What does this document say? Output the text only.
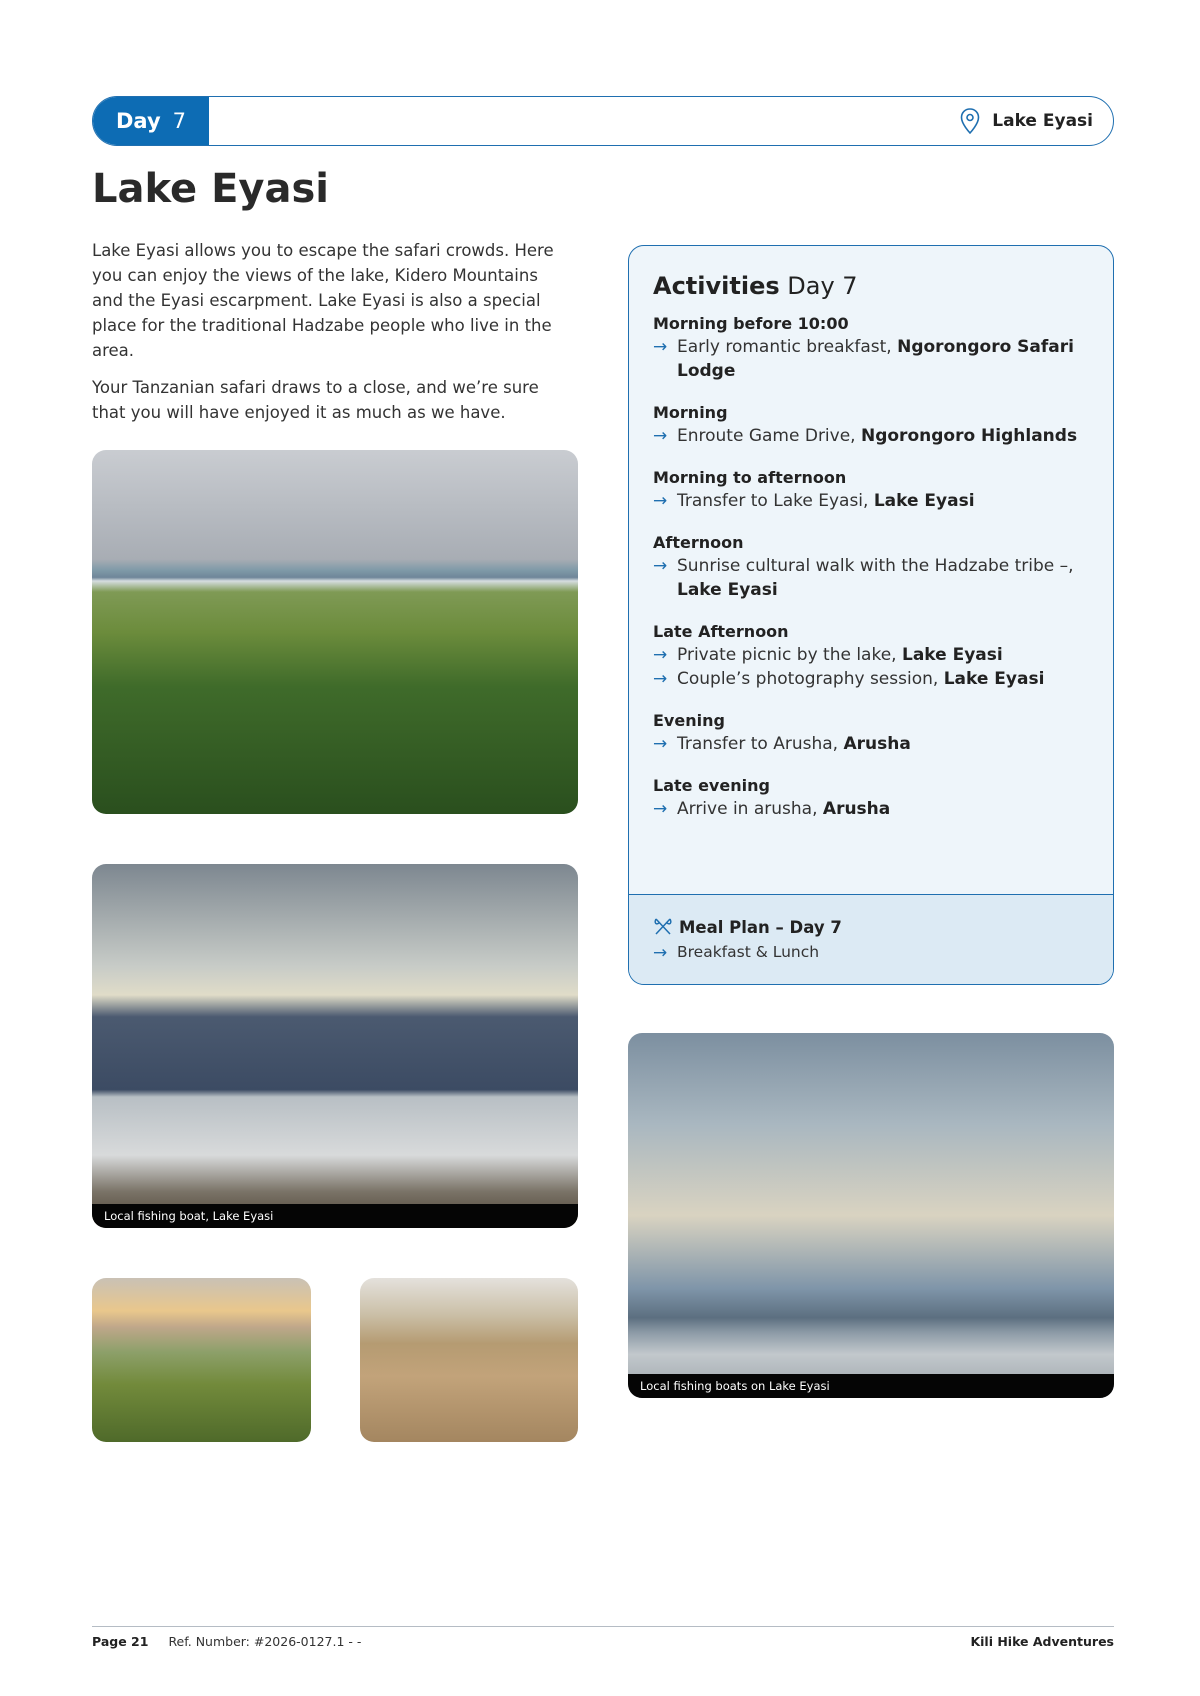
Day 7	Lake Eyasi
Lake Eyasi

Lake Eyasi allows you to escape the safari crowds. Here you can enjoy the views of the lake, Kidero Mountains and the Eyasi escarpment. Lake Eyasi is also a special place for the traditional Hadzabe people who live in the area.

Your Tanzanian safari draws to a close, and we’re sure that you will have enjoyed it as much as we have.

Local fishing boat, Lake Eyasi
Local fishing boats on Lake Eyasi
Activities Day 7
Morning before 10:00
→ Early romantic breakfast, Ngorongoro Safari Lodge
Morning
→ Enroute Game Drive, Ngorongoro Highlands
Morning to afternoon
→ Transfer to Lake Eyasi, Lake Eyasi
Afternoon
→ Sunrise cultural walk with the Hadzabe tribe –, Lake Eyasi
Late Afternoon
→ Private picnic by the lake, Lake Eyasi
→ Couple’s photography session, Lake Eyasi
Evening
→ Transfer to Arusha, Arusha
Late evening
→ Arrive in arusha, Arusha
Meal Plan – Day 7
→ Breakfast & Lunch
Page 21 Ref. Number: #2026-0127.1 - -	Kili Hike Adventures
